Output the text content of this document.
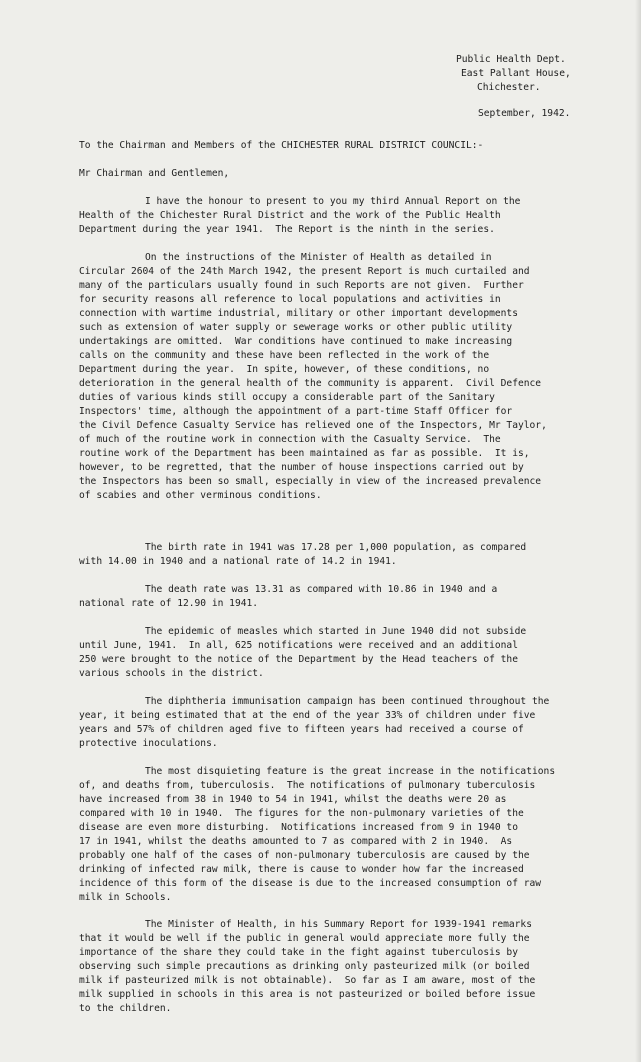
Public Health Dept.
East Pallant House,
Chichester.
September, 1942.
To the Chairman and Members of the CHICHESTER RURAL DISTRICT COUNCIL:-
Mr Chairman and Gentlemen,
I have the honour to present to you my third Annual Report on the
Health of the Chichester Rural District and the work of the Public Health
Department during the year 1941.  The Report is the ninth in the series.
On the instructions of the Minister of Health as detailed in
Circular 2604 of the 24th March 1942, the present Report is much curtailed and
many of the particulars usually found in such Reports are not given.  Further
for security reasons all reference to local populations and activities in
connection with wartime industrial, military or other important developments
such as extension of water supply or sewerage works or other public utility
undertakings are omitted.  War conditions have continued to make increasing
calls on the community and these have been reflected in the work of the
Department during the year.  In spite, however, of these conditions, no
deterioration in the general health of the community is apparent.  Civil Defence
duties of various kinds still occupy a considerable part of the Sanitary
Inspectors' time, although the appointment of a part-time Staff Officer for
the Civil Defence Casualty Service has relieved one of the Inspectors, Mr Taylor,
of much of the routine work in connection with the Casualty Service.  The
routine work of the Department has been maintained as far as possible.  It is,
however, to be regretted, that the number of house inspections carried out by
the Inspectors has been so small, especially in view of the increased prevalence
of scabies and other verminous conditions.
The birth rate in 1941 was 17.28 per 1,000 population, as compared
with 14.00 in 1940 and a national rate of 14.2 in 1941.
The death rate was 13.31 as compared with 10.86 in 1940 and a
national rate of 12.90 in 1941.
The epidemic of measles which started in June 1940 did not subside
until June, 1941.  In all, 625 notifications were received and an additional
250 were brought to the notice of the Department by the Head teachers of the
various schools in the district.
The diphtheria immunisation campaign has been continued throughout the
year, it being estimated that at the end of the year 33% of children under five
years and 57% of children aged five to fifteen years had received a course of
protective inoculations.
The most disquieting feature is the great increase in the notifications
of, and deaths from, tuberculosis.  The notifications of pulmonary tuberculosis
have increased from 38 in 1940 to 54 in 1941, whilst the deaths were 20 as
compared with 10 in 1940.  The figures for the non-pulmonary varieties of the
disease are even more disturbing.  Notifications increased from 9 in 1940 to
17 in 1941, whilst the deaths amounted to 7 as compared with 2 in 1940.  As
probably one half of the cases of non-pulmonary tuberculosis are caused by the
drinking of infected raw milk, there is cause to wonder how far the increased
incidence of this form of the disease is due to the increased consumption of raw
milk in Schools.
The Minister of Health, in his Summary Report for 1939-1941 remarks
that it would be well if the public in general would appreciate more fully the
importance of the share they could take in the fight against tuberculosis by
observing such simple precautions as drinking only pasteurized milk (or boiled
milk if pasteurized milk is not obtainable).  So far as I am aware, most of the
milk supplied in schools in this area is not pasteurized or boiled before issue
to the children.
